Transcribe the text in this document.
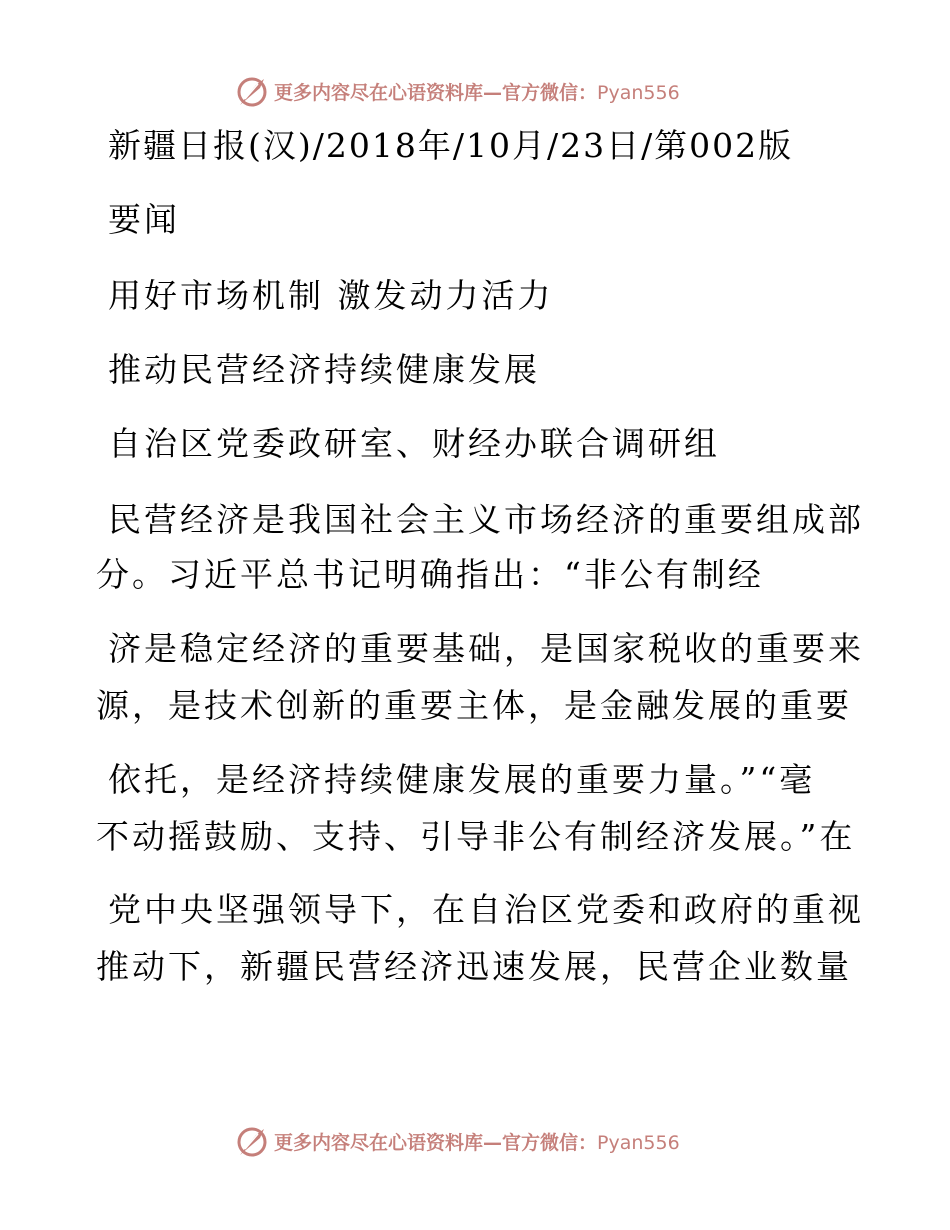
更多内容尽在心语资料库—官方微信：Pyan556
新疆日报(汉)/2018年/10月/23日/第002版
要闻
用好市场机制 激发动力活力
推动民营经济持续健康发展
自治区党委政研室、财经办联合调研组
民营经济是我国社会主义市场经济的重要组成部
分。习近平总书记明确指出：“非公有制经
济是稳定经济的重要基础，是国家税收的重要来
源，是技术创新的重要主体，是金融发展的重要
依托，是经济持续健康发展的重要力量。”“毫
不动摇鼓励、支持、引导非公有制经济发展。”在
党中央坚强领导下，在自治区党委和政府的重视
推动下，新疆民营经济迅速发展，民营企业数量
更多内容尽在心语资料库—官方微信：Pyan556
